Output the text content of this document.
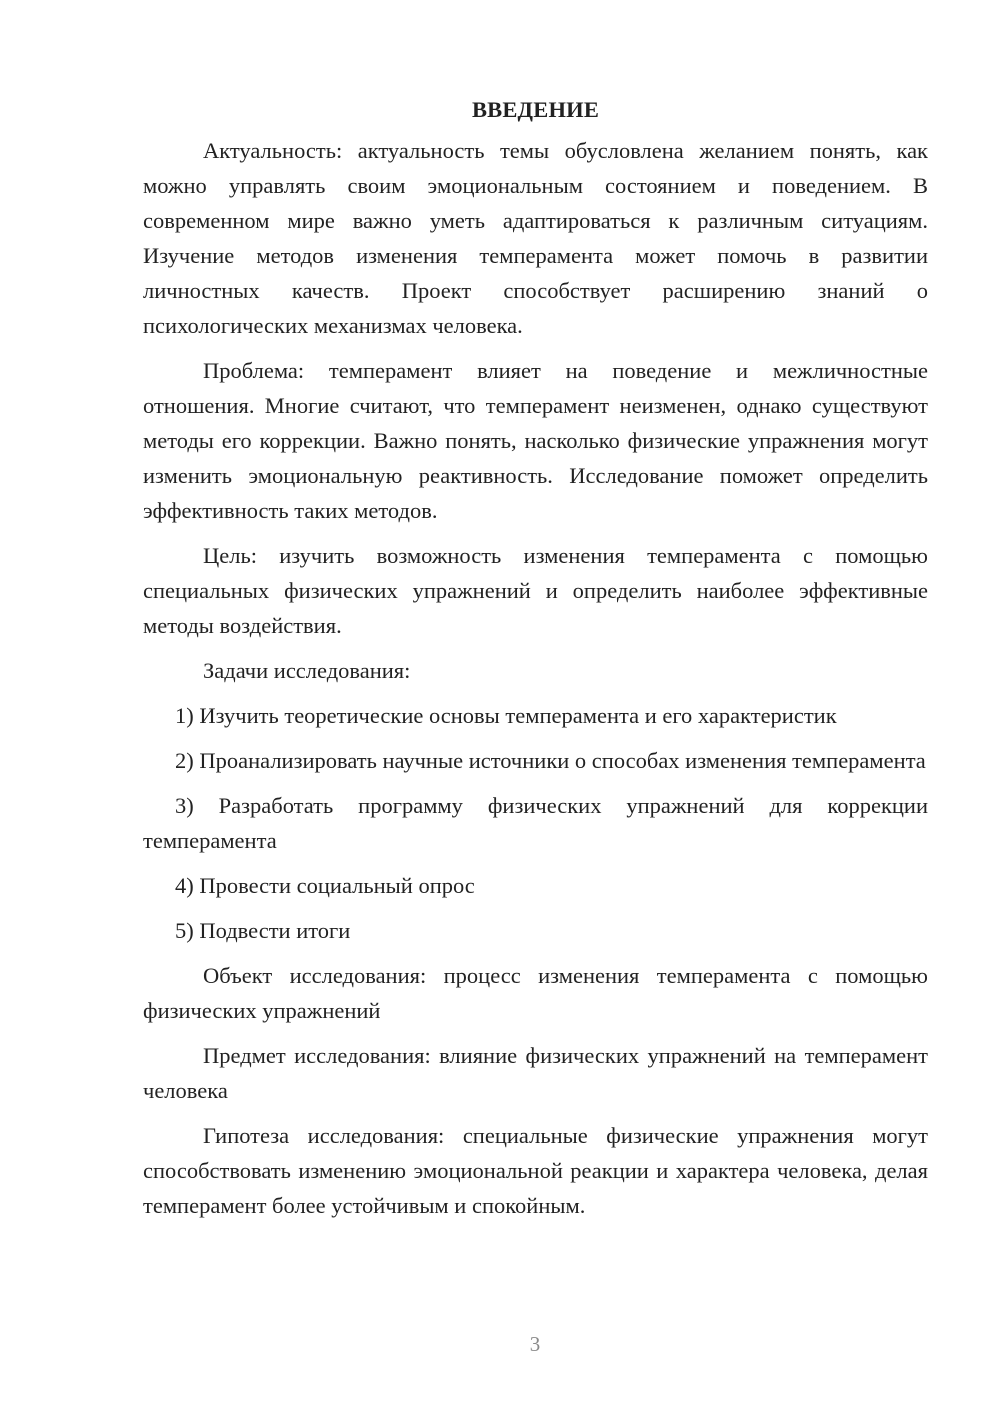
ВВЕДЕНИЕ

Актуальность: актуальность темы обусловлена желанием понять, как можно управлять своим эмоциональным состоянием и поведением. В современном мире важно уметь адаптироваться к различным ситуациям. Изучение методов изменения темперамента может помочь в развитии личностных качеств. Проект способствует расширению знаний о психологических механизмах человека.

Проблема: темперамент влияет на поведение и межличностные отношения. Многие считают, что темперамент неизменен, однако существуют методы его коррекции. Важно понять, насколько физические упражнения могут изменить эмоциональную реактивность. Исследование поможет определить эффективность таких методов.

Цель: изучить возможность изменения темперамента с помощью специальных физических упражнений и определить наиболее эффективные методы воздействия.

Задачи исследования:

1) Изучить теоретические основы темперамента и его характеристик

2) Проанализировать научные источники о способах изменения темперамента

3) Разработать программу физических упражнений для коррекции темперамента

4) Провести социальный опрос

5) Подвести итоги

Объект исследования: процесс изменения темперамента с помощью физических упражнений

Предмет исследования: влияние физических упражнений на темперамент человека

Гипотеза исследования: специальные физические упражнения могут способствовать изменению эмоциональной реакции и характера человека, делая темперамент более устойчивым и спокойным.

3
